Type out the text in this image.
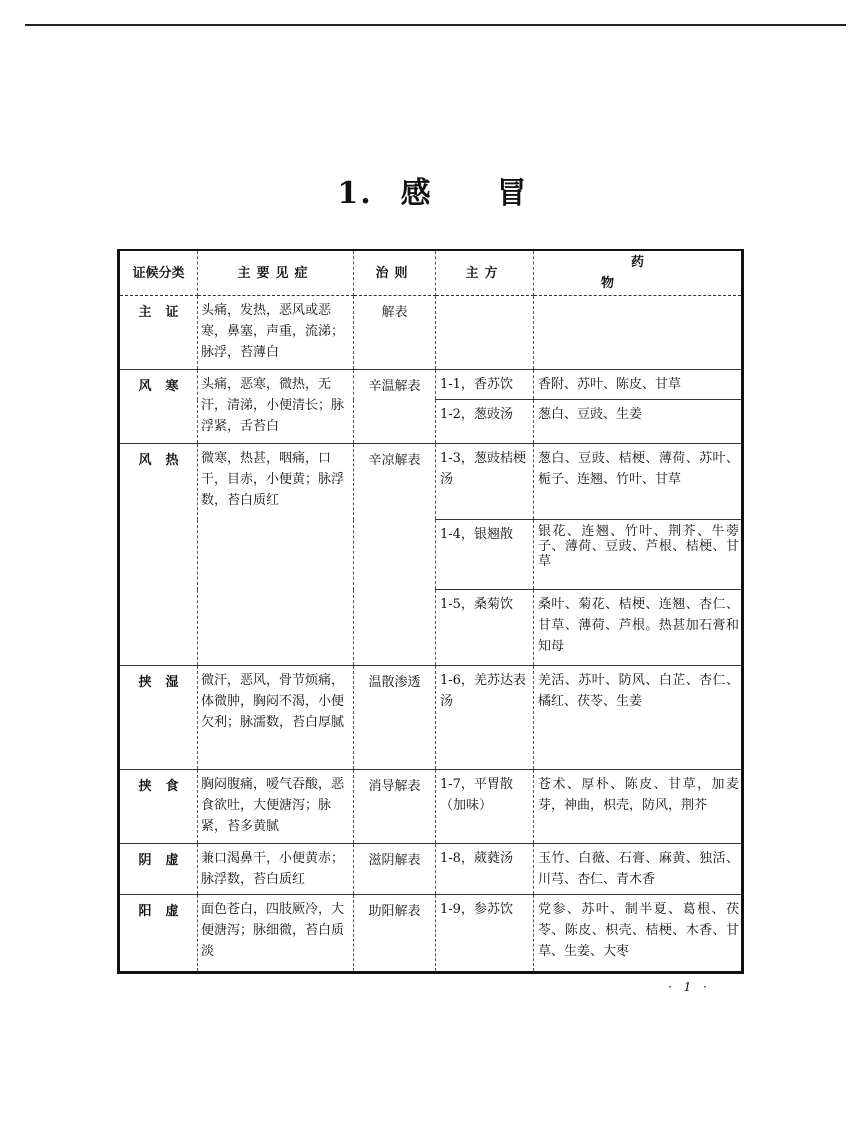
1. 感 冒
证候分类	主要见症	治则	主方	药物
主证	头痛，发热，恶风或恶寒，鼻塞，声重，流涕；脉浮，苔薄白	解表		
风寒	头痛，恶寒，微热，无汗，清涕，小便清长；脉浮紧，舌苔白	辛温解表	1-1，香苏饮	香附、苏叶、陈皮、甘草
			1-2，葱豉汤	葱白、豆豉、生姜
风热	微寒，热甚，咽痛，口干，目赤，小便黄；脉浮数，苔白质红	辛凉解表	1-3，葱豉桔梗汤	葱白、豆豉、桔梗、薄荷、苏叶、栀子、连翘、竹叶、甘草
			1-4，银翘散	银花、连翘、竹叶、荆芥、牛蒡子、薄荷、豆豉、芦根、桔梗、甘草
			1-5，桑菊饮	桑叶、菊花、桔梗、连翘、杏仁、甘草、薄荷、芦根。热甚加石膏和知母
挟湿	微汗，恶风，骨节烦痛，体微肿，胸闷不渴，小便欠利；脉濡数，苔白厚腻	温散渗透	1-6，羌苏达表汤	羌活、苏叶、防风、白芷、杏仁、橘红、茯苓、生姜
挟食	胸闷腹痛，嗳气吞酸，恶食欲吐，大便溏泻；脉紧，苔多黄腻	消导解表	1-7，平胃散（加味）	苍术、厚朴、陈皮、甘草，加麦芽，神曲，枳壳，防风，荆芥
阴虚	兼口渴鼻干，小便黄赤；脉浮数，苔白质红	滋阴解表	1-8，葳蕤汤	玉竹、白薇、石膏、麻黄、独活、川芎、杏仁、青木香
阳虚	面色苍白，四肢厥冷，大便溏泻；脉细微，苔白质淡	助阳解表	1-9，参苏饮	党参、苏叶、制半夏、葛根、茯苓、陈皮、枳壳、桔梗、木香、甘草、生姜、大枣
· 1 ·
